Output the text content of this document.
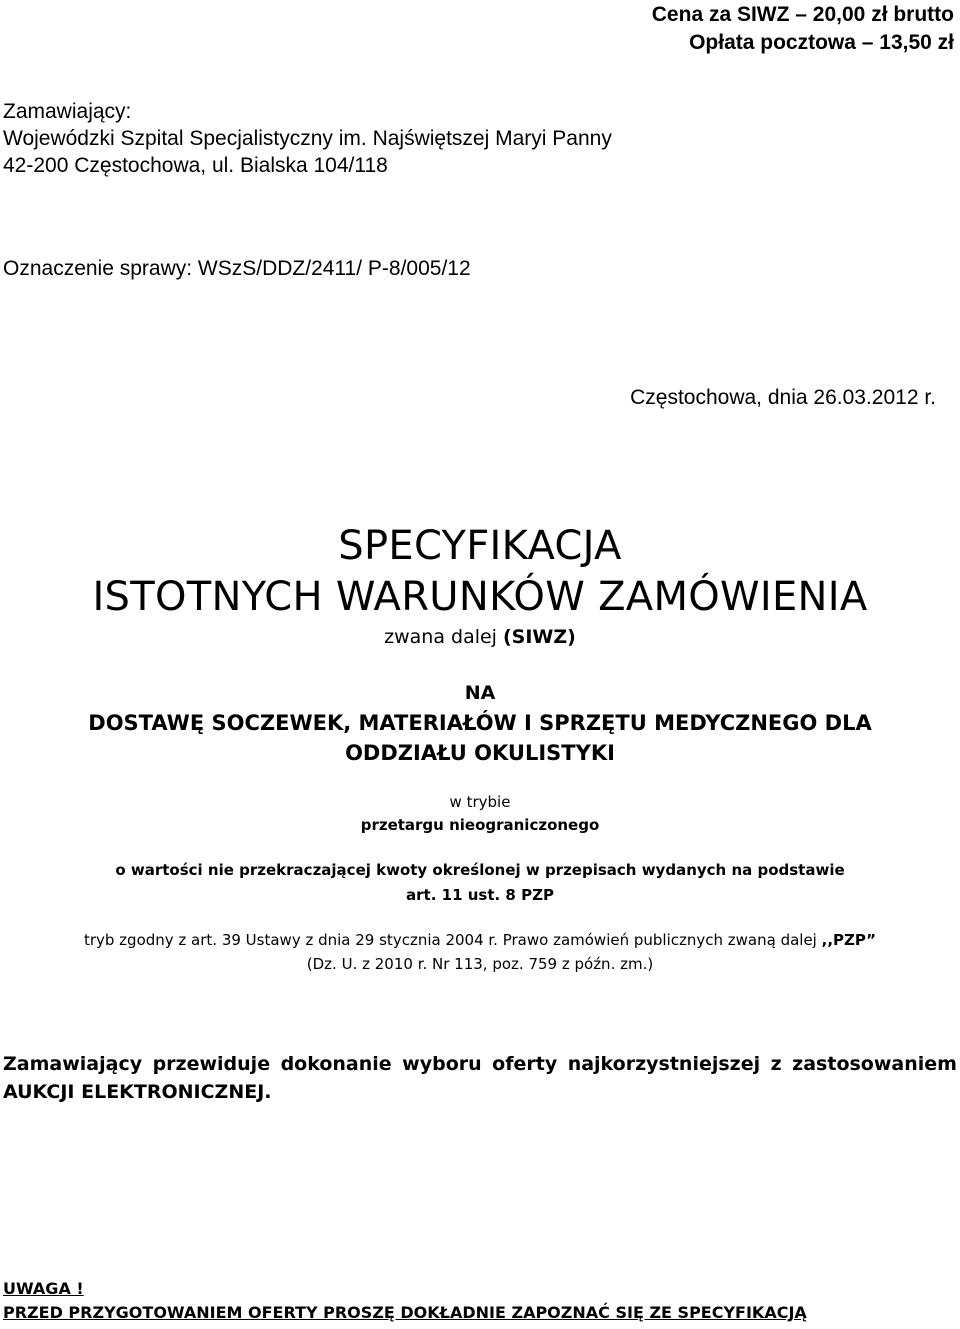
Cena za SIWZ – 20,00 zł brutto
Opłata pocztowa – 13,50 zł
Zamawiający:
Wojewódzki Szpital Specjalistyczny im. Najświętszej Maryi Panny
42-200 Częstochowa, ul. Bialska 104/118
Oznaczenie sprawy: WSzS/DDZ/2411/ P-8/005/12
Częstochowa, dnia 26.03.2012 r.
SPECYFIKACJA
ISTOTNYCH WARUNKÓW ZAMÓWIENIA
zwana dalej (SIWZ)
NA
DOSTAWĘ SOCZEWEK, MATERIAŁÓW I SPRZĘTU MEDYCZNEGO DLA
ODDZIAŁU OKULISTYKI
w trybie
przetargu nieograniczonego
o wartości nie przekraczającej kwoty określonej w przepisach wydanych na podstawie
art. 11 ust. 8 PZP
tryb zgodny z art. 39 Ustawy z dnia 29 stycznia 2004 r. Prawo zamówień publicznych zwaną dalej ,,PZP”
(Dz. U. z 2010 r. Nr 113, poz. 759 z późn. zm.)
Zamawiający przewiduje dokonanie wyboru oferty najkorzystniejszej z zastosowaniem
AUKCJI ELEKTRONICZNEJ.
UWAGA !
PRZED PRZYGOTOWANIEM OFERTY PROSZĘ DOKŁADNIE ZAPOZNAĆ SIĘ ZE SPECYFIKACJĄ
